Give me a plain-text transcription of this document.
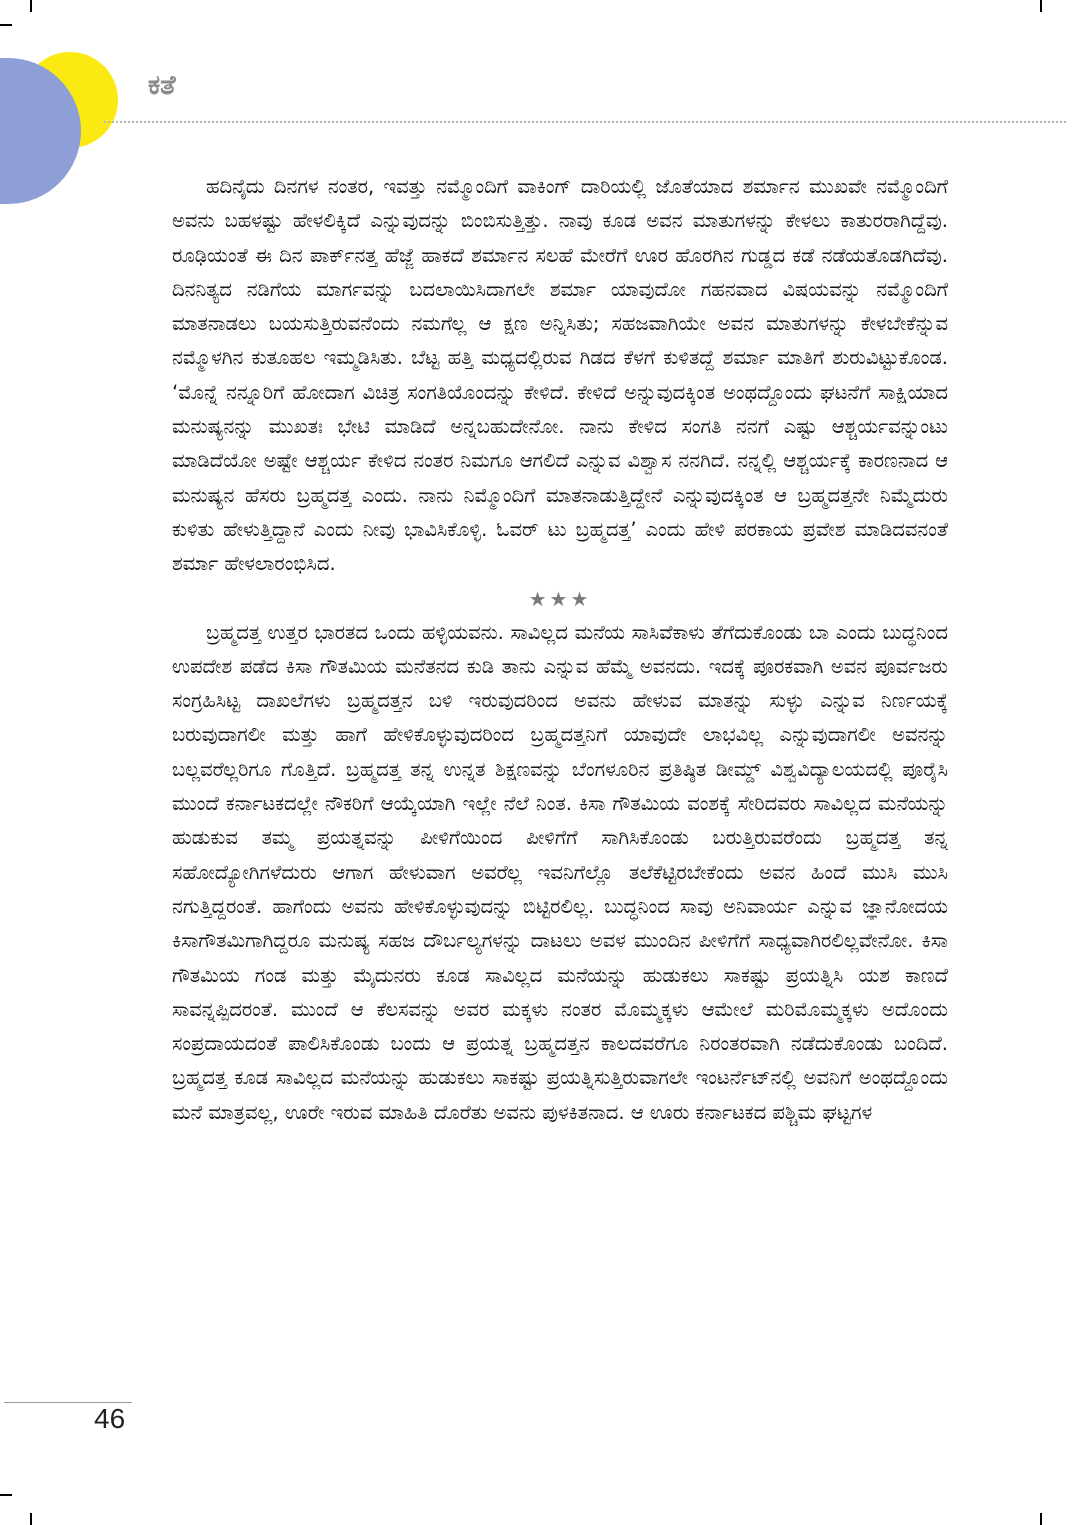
ಕತೆ

ಹದಿನೈದು ದಿನಗಳ ನಂತರ, ಇವತ್ತು ನಮ್ಮೊಂದಿಗೆ ವಾಕಿಂಗ್ ದಾರಿಯಲ್ಲಿ ಜೊತೆಯಾದ ಶರ್ಮಾನ ಮುಖವೇ ನಮ್ಮೊಂದಿಗೆ ಅವನು ಬಹಳಷ್ಟು ಹೇಳಲಿಕ್ಕಿದೆ ಎನ್ನುವುದನ್ನು ಬಿಂಬಿಸುತ್ತಿತ್ತು. ನಾವು ಕೂಡ ಅವನ ಮಾತುಗಳನ್ನು ಕೇಳಲು ಕಾತುರರಾಗಿದ್ದೆವು. ರೂಢಿಯಂತೆ ಈ ದಿನ ಪಾರ್ಕ್‌ನತ್ತ ಹೆಜ್ಜೆ ಹಾಕದೆ ಶರ್ಮಾನ ಸಲಹೆ ಮೇರೆಗೆ ಊರ ಹೊರಗಿನ ಗುಡ್ಡದ ಕಡೆ ನಡೆಯತೊಡಗಿದೆವು. ದಿನನಿತ್ಯದ ನಡಿಗೆಯ ಮಾರ್ಗವನ್ನು ಬದಲಾಯಿಸಿದಾಗಲೇ ಶರ್ಮಾ ಯಾವುದೋ ಗಹನವಾದ ವಿಷಯವನ್ನು ನಮ್ಮೊಂದಿಗೆ ಮಾತನಾಡಲು ಬಯಸುತ್ತಿರುವನೆಂದು ನಮಗೆಲ್ಲ ಆ ಕ್ಷಣ ಅನ್ನಿಸಿತು; ಸಹಜವಾಗಿಯೇ ಅವನ ಮಾತುಗಳನ್ನು ಕೇಳಬೇಕೆನ್ನುವ ನಮ್ಮೊಳಗಿನ ಕುತೂಹಲ ಇಮ್ಮಡಿಸಿತು. ಬೆಟ್ಟ ಹತ್ತಿ ಮಧ್ಯದಲ್ಲಿರುವ ಗಿಡದ ಕೆಳಗೆ ಕುಳಿತದ್ದೆ ಶರ್ಮಾ ಮಾತಿಗೆ ಶುರುವಿಟ್ಟುಕೊಂಡ. ‘ಮೊನ್ನೆ ನನ್ನೂರಿಗೆ ಹೋದಾಗ ವಿಚಿತ್ರ ಸಂಗತಿಯೊಂದನ್ನು ಕೇಳಿದೆ. ಕೇಳಿದೆ ಅನ್ನುವುದಕ್ಕಿಂತ ಅಂಥದ್ದೊಂದು ಘಟನೆಗೆ ಸಾಕ್ಷಿಯಾದ ಮನುಷ್ಯನನ್ನು ಮುಖತಃ ಭೇಟಿ ಮಾಡಿದೆ ಅನ್ನಬಹುದೇನೋ. ನಾನು ಕೇಳಿದ ಸಂಗತಿ ನನಗೆ ಎಷ್ಟು ಆಶ್ಚರ್ಯವನ್ನುಂಟು ಮಾಡಿದೆಯೋ ಅಷ್ಟೇ ಆಶ್ಚರ್ಯ ಕೇಳಿದ ನಂತರ ನಿಮಗೂ ಆಗಲಿದೆ ಎನ್ನುವ ವಿಶ್ವಾಸ ನನಗಿದೆ. ನನ್ನಲ್ಲಿ ಆಶ್ಚರ್ಯಕ್ಕೆ ಕಾರಣನಾದ ಆ ಮನುಷ್ಯನ ಹೆಸರು ಬ್ರಹ್ಮದತ್ತ ಎಂದು. ನಾನು ನಿಮ್ಮೊಂದಿಗೆ ಮಾತನಾಡುತ್ತಿದ್ದೇನೆ ಎನ್ನುವುದಕ್ಕಿಂತ ಆ ಬ್ರಹ್ಮದತ್ತನೇ ನಿಮ್ಮೆದುರು ಕುಳಿತು ಹೇಳುತ್ತಿದ್ದಾನೆ ಎಂದು ನೀವು ಭಾವಿಸಿಕೊಳ್ಳಿ. ಓವರ್ ಟು ಬ್ರಹ್ಮದತ್ತ’ ಎಂದು ಹೇಳಿ ಪರಕಾಯ ಪ್ರವೇಶ ಮಾಡಿದವನಂತೆ ಶರ್ಮಾ ಹೇಳಲಾರಂಭಿಸಿದ.

★★★

ಬ್ರಹ್ಮದತ್ತ ಉತ್ತರ ಭಾರತದ ಒಂದು ಹಳ್ಳಿಯವನು. ಸಾವಿಲ್ಲದ ಮನೆಯ ಸಾಸಿವೆಕಾಳು ತೆಗೆದುಕೊಂಡು ಬಾ ಎಂದು ಬುದ್ಧನಿಂದ ಉಪದೇಶ ಪಡೆದ ಕಿಸಾ ಗೌತಮಿಯ ಮನೆತನದ ಕುಡಿ ತಾನು ಎನ್ನುವ ಹೆಮ್ಮೆ ಅವನದು. ಇದಕ್ಕೆ ಪೂರಕವಾಗಿ ಅವನ ಪೂರ್ವಜರು ಸಂಗ್ರಹಿಸಿಟ್ಟ ದಾಖಲೆಗಳು ಬ್ರಹ್ಮದತ್ತನ ಬಳಿ ಇರುವುದರಿಂದ ಅವನು ಹೇಳುವ ಮಾತನ್ನು ಸುಳ್ಳು ಎನ್ನುವ ನಿರ್ಣಯಕ್ಕೆ ಬರುವುದಾಗಲೀ ಮತ್ತು ಹಾಗೆ ಹೇಳಿಕೊಳ್ಳುವುದರಿಂದ ಬ್ರಹ್ಮದತ್ತನಿಗೆ ಯಾವುದೇ ಲಾಭವಿಲ್ಲ ಎನ್ನುವುದಾಗಲೀ ಅವನನ್ನು ಬಲ್ಲವರೆಲ್ಲರಿಗೂ ಗೊತ್ತಿದೆ. ಬ್ರಹ್ಮದತ್ತ ತನ್ನ ಉನ್ನತ ಶಿಕ್ಷಣವನ್ನು ಬೆಂಗಳೂರಿನ ಪ್ರತಿಷ್ಠಿತ ಡೀಮ್ಡ್ ವಿಶ್ವವಿದ್ಯಾಲಯದಲ್ಲಿ ಪೂರೈಸಿ ಮುಂದೆ ಕರ್ನಾಟಕದಲ್ಲೇ ನೌಕರಿಗೆ ಆಯ್ಕೆಯಾಗಿ ಇಲ್ಲೇ ನೆಲೆ ನಿಂತ. ಕಿಸಾ ಗೌತಮಿಯ ವಂಶಕ್ಕೆ ಸೇರಿದವರು ಸಾವಿಲ್ಲದ ಮನೆಯನ್ನು ಹುಡುಕುವ ತಮ್ಮ ಪ್ರಯತ್ನವನ್ನು ಪೀಳಿಗೆಯಿಂದ ಪೀಳಿಗೆಗೆ ಸಾಗಿಸಿಕೊಂಡು ಬರುತ್ತಿರುವರೆಂದು ಬ್ರಹ್ಮದತ್ತ ತನ್ನ ಸಹೋದ್ಯೋಗಿಗಳೆದುರು ಆಗಾಗ ಹೇಳುವಾಗ ಅವರೆಲ್ಲ ಇವನಿಗೆಲ್ಲೊ ತಲೆಕೆಟ್ಟಿರಬೇಕೆಂದು ಅವನ ಹಿಂದೆ ಮುಸಿ ಮುಸಿ ನಗುತ್ತಿದ್ದರಂತೆ. ಹಾಗೆಂದು ಅವನು ಹೇಳಿಕೊಳ್ಳುವುದನ್ನು ಬಿಟ್ಟಿರಲಿಲ್ಲ. ಬುದ್ಧನಿಂದ ಸಾವು ಅನಿವಾರ್ಯ ಎನ್ನುವ ಜ್ಞಾನೋದಯ ಕಿಸಾಗೌತಮಿಗಾಗಿದ್ದರೂ ಮನುಷ್ಯ ಸಹಜ ದೌರ್ಬಲ್ಯಗಳನ್ನು ದಾಟಲು ಅವಳ ಮುಂದಿನ ಪೀಳಿಗೆಗೆ ಸಾಧ್ಯವಾಗಿರಲಿಲ್ಲವೇನೋ. ಕಿಸಾ ಗೌತಮಿಯ ಗಂಡ ಮತ್ತು ಮೈದುನರು ಕೂಡ ಸಾವಿಲ್ಲದ ಮನೆಯನ್ನು ಹುಡುಕಲು ಸಾಕಷ್ಟು ಪ್ರಯತ್ನಿಸಿ ಯಶ ಕಾಣದೆ ಸಾವನ್ನಪ್ಪಿದರಂತೆ. ಮುಂದೆ ಆ ಕೆಲಸವನ್ನು ಅವರ ಮಕ್ಕಳು ನಂತರ ಮೊಮ್ಮಕ್ಕಳು ಆಮೇಲೆ ಮರಿಮೊಮ್ಮಕ್ಕಳು ಅದೊಂದು ಸಂಪ್ರದಾಯದಂತೆ ಪಾಲಿಸಿಕೊಂಡು ಬಂದು ಆ ಪ್ರಯತ್ನ ಬ್ರಹ್ಮದತ್ತನ ಕಾಲದವರೆಗೂ ನಿರಂತರವಾಗಿ ನಡೆದುಕೊಂಡು ಬಂದಿದೆ. ಬ್ರಹ್ಮದತ್ತ ಕೂಡ ಸಾವಿಲ್ಲದ ಮನೆಯನ್ನು ಹುಡುಕಲು ಸಾಕಷ್ಟು ಪ್ರಯತ್ನಿಸುತ್ತಿರುವಾಗಲೇ ಇಂಟರ್ನೆಟ್‌ನಲ್ಲಿ ಅವನಿಗೆ ಅಂಥದ್ದೊಂದು ಮನೆ ಮಾತ್ರವಲ್ಲ, ಊರೇ ಇರುವ ಮಾಹಿತಿ ದೊರೆತು ಅವನು ಪುಳಕಿತನಾದ. ಆ ಊರು ಕರ್ನಾಟಕದ ಪಶ್ಚಿಮ ಘಟ್ಟಗಳ

46
